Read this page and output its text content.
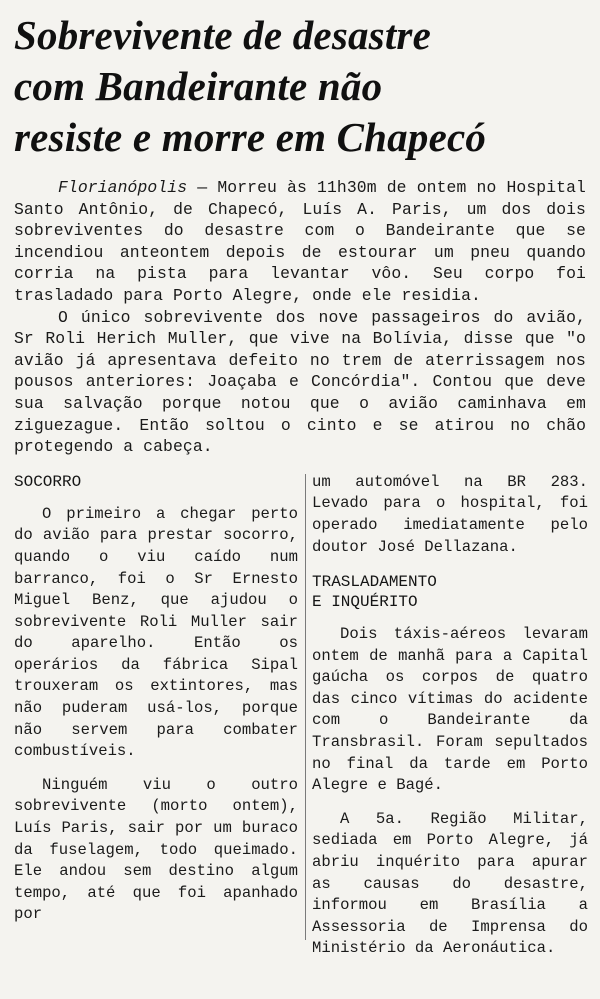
Sobrevivente de desastre
com Bandeirante não
resiste e morre em Chapecó

Florianópolis — Morreu às 11h30m de ontem no Hospital Santo Antônio, de Chapecó, Luís A. Paris, um dos dois sobreviventes do desastre com o Bandeirante que se incendiou anteontem depois de estourar um pneu quando corria na pista para levantar vôo. Seu corpo foi trasladado para Porto Alegre, onde ele residia.

O único sobrevivente dos nove passageiros do avião, Sr Roli Herich Muller, que vive na Bolívia, disse que "o avião já apresentava defeito no trem de aterrissagem nos pousos anteriores: Joaçaba e Concórdia". Contou que deve sua salvação porque notou que o avião caminhava em ziguezague. Então soltou o cinto e se atirou no chão protegendo a cabeça.

SOCORRO

O primeiro a chegar perto do avião para prestar socorro, quando o viu caído num barranco, foi o Sr Ernesto Miguel Benz, que ajudou o sobrevivente Roli Muller sair do aparelho. Então os operários da fábrica Sipal trouxeram os extintores, mas não puderam usá-los, porque não servem para combater combustíveis.

Ninguém viu o outro sobrevivente (morto ontem), Luís Paris, sair por um buraco da fuselagem, todo queimado. Ele andou sem destino algum tempo, até que foi apanhado por

um automóvel na BR 283. Levado para o hospital, foi operado imediatamente pelo doutor José Dellazana.

TRASLADAMENTO
E INQUÉRITO

Dois táxis-aéreos levaram ontem de manhã para a Capital gaúcha os corpos de quatro das cinco vítimas do acidente com o Bandeirante da Transbrasil. Foram sepultados no final da tarde em Porto Alegre e Bagé.

A 5a. Região Militar, sediada em Porto Alegre, já abriu inquérito para apurar as causas do desastre, informou em Brasília a Assessoria de Imprensa do Ministério da Aeronáutica.
